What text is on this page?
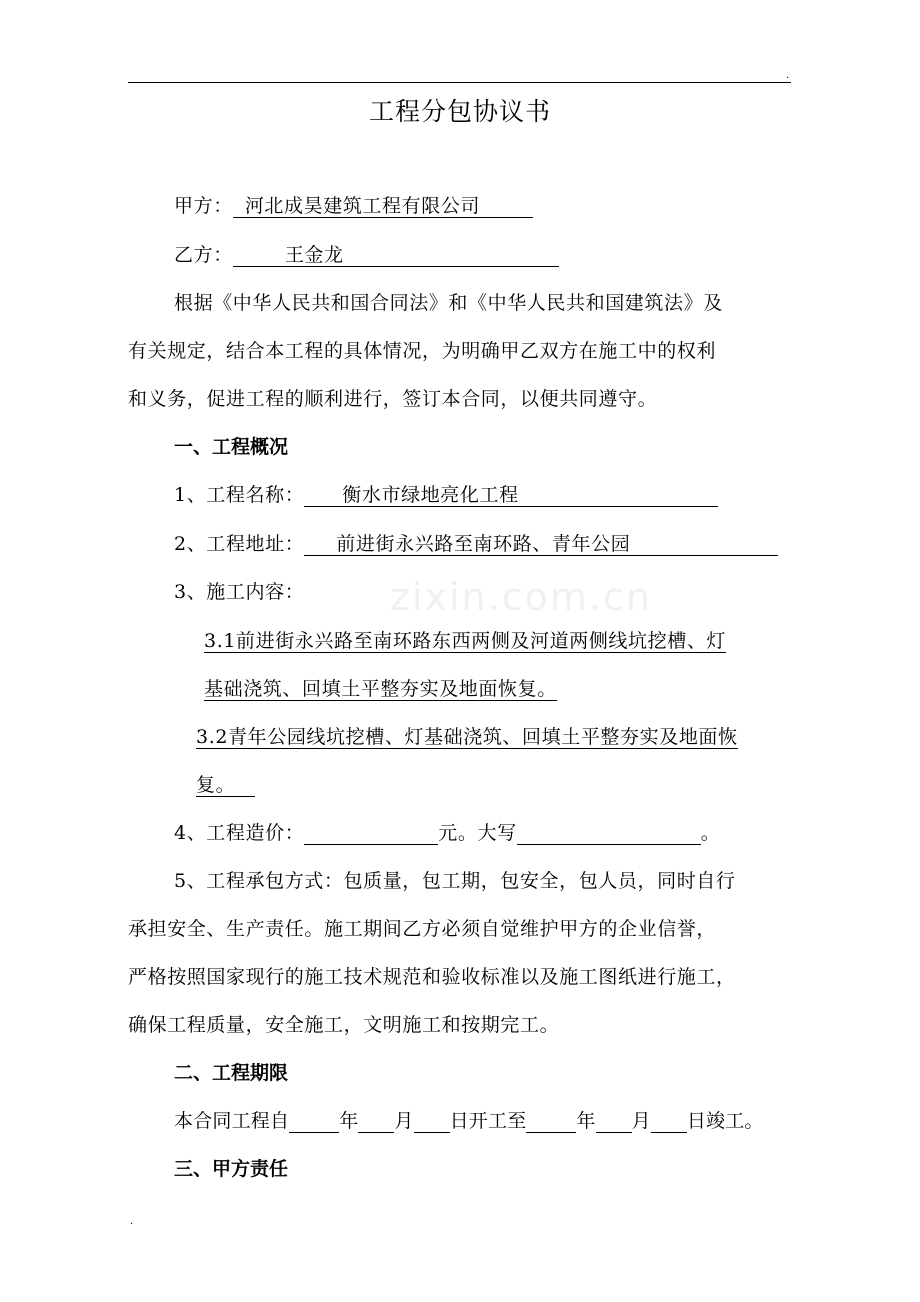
.
zixin.com.cn
工程分包协议书
甲方： 河北成昊建筑工程有限公司
乙方：	王金龙
根据《中华人民共和国合同法》和《中华人民共和国建筑法》及
有关规定，结合本工程的具体情况，为明确甲乙双方在施工中的权利
和义务，促进工程的顺利进行，签订本合同，以便共同遵守。
一、工程概况
1、工程名称： 衡水市绿地亮化工程
2、工程地址： 前进街永兴路至南环路、青年公园
3、施工内容：
3.1前进街永兴路至南环路东西两侧及河道两侧线坑挖槽、灯
基础浇筑、回填土平整夯实及地面恢复。
3.2青年公园线坑挖槽、灯基础浇筑、回填土平整夯实及地面恢
复。
4、工程造价：	元。大写	。
5、工程承包方式：包质量，包工期，包安全，包人员，同时自行
承担安全、生产责任。施工期间乙方必须自觉维护甲方的企业信誉，
严格按照国家现行的施工技术规范和验收标准以及施工图纸进行施工，
确保工程质量，安全施工，文明施工和按期完工。
二、工程期限
本合同工程自	年 月 日开工至	年 月 日竣工。
三、甲方责任
.
